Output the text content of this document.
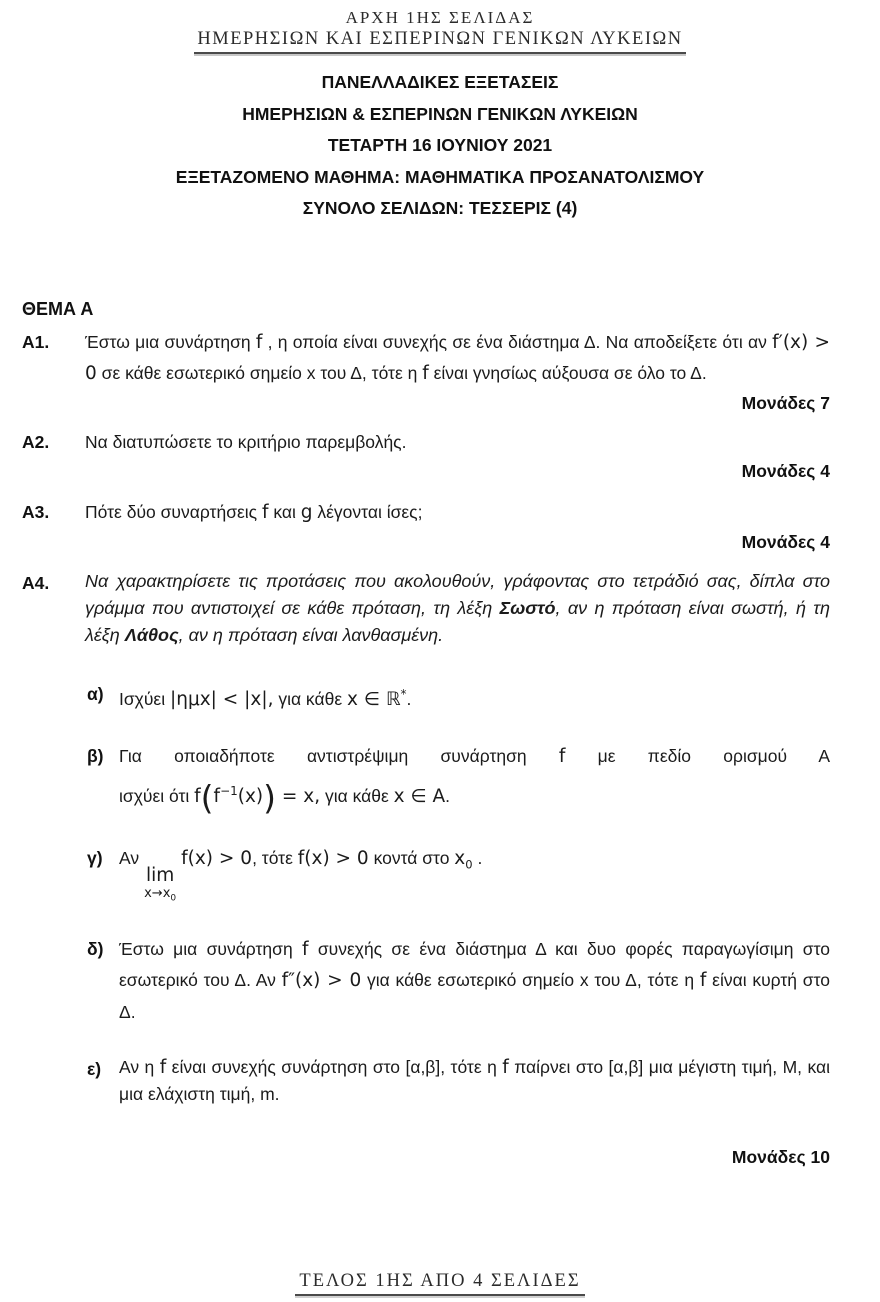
ΑΡΧΗ 1ΗΣ ΣΕΛΙΔΑΣ
ΗΜΕΡΗΣΙΩΝ ΚΑΙ ΕΣΠΕΡΙΝΩΝ ΓΕΝΙΚΩΝ ΛΥΚΕΙΩΝ
ΠΑΝΕΛΛΑΔΙΚΕΣ ΕΞΕΤΑΣΕΙΣ
ΗΜΕΡΗΣΙΩΝ & ΕΣΠΕΡΙΝΩΝ ΓΕΝΙΚΩΝ ΛΥΚΕΙΩΝ
ΤΕΤΑΡΤΗ 16 ΙΟΥΝΙΟΥ 2021
ΕΞΕΤΑΖΟΜΕΝΟ ΜΑΘΗΜΑ: ΜΑΘΗΜΑΤΙΚΑ ΠΡΟΣΑΝΑΤΟΛΙΣΜΟΥ
ΣΥΝΟΛΟ ΣΕΛΙΔΩΝ: ΤΕΣΣΕΡΙΣ (4)
ΘΕΜΑ Α
Α1.	Έστω μια συνάρτηση f , η οποία είναι συνεχής σε ένα διάστημα Δ. Να αποδείξετε ότι αν f′(x) > 0 σε κάθε εσωτερικό σημείο x του Δ, τότε η f είναι γνησίως αύξουσα σε όλο το Δ.
Μονάδες 7
Α2.	Να διατυπώσετε το κριτήριο παρεμβολής.
Μονάδες 4
Α3.	Πότε δύο συναρτήσεις f και g λέγονται ίσες;
Μονάδες 4
Α4.	Να χαρακτηρίσετε τις προτάσεις που ακολουθούν, γράφοντας στο τετράδιό σας, δίπλα στο γράμμα που αντιστοιχεί σε κάθε πρόταση, τη λέξη Σωστό, αν η πρόταση είναι σωστή, ή τη λέξη Λάθος, αν η πρόταση είναι λανθασμένη.
α) Ισχύει |ημx| < |x|, για κάθε x ∈ ℝ*.
β) Για οποιαδήποτε αντιστρέψιμη συνάρτηση f με πεδίο ορισμού Α
ισχύει ότι $f(f^{-1}(x)) = x$, για κάθε x ∈ A.
γ) Αν
lim
$x\to x_0$
f(x) > 0, τότε f(x) > 0 κοντά στο $x_0$ .
δ) Έστω μια συνάρτηση f συνεχής σε ένα διάστημα Δ και δυο φορές παραγωγίσιμη στο εσωτερικό του Δ. Αν f″(x) > 0 για κάθε εσωτερικό σημείο x του Δ, τότε η f είναι κυρτή στο Δ.
ε)	Αν η f είναι συνεχής συνάρτηση στο [α,β], τότε η f παίρνει στο [α,β] μια μέγιστη τιμή, Μ, και μια ελάχιστη τιμή, m.
Μονάδες 10
ΤΕΛΟΣ 1ΗΣ ΑΠΟ 4 ΣΕΛΙΔΕΣ
